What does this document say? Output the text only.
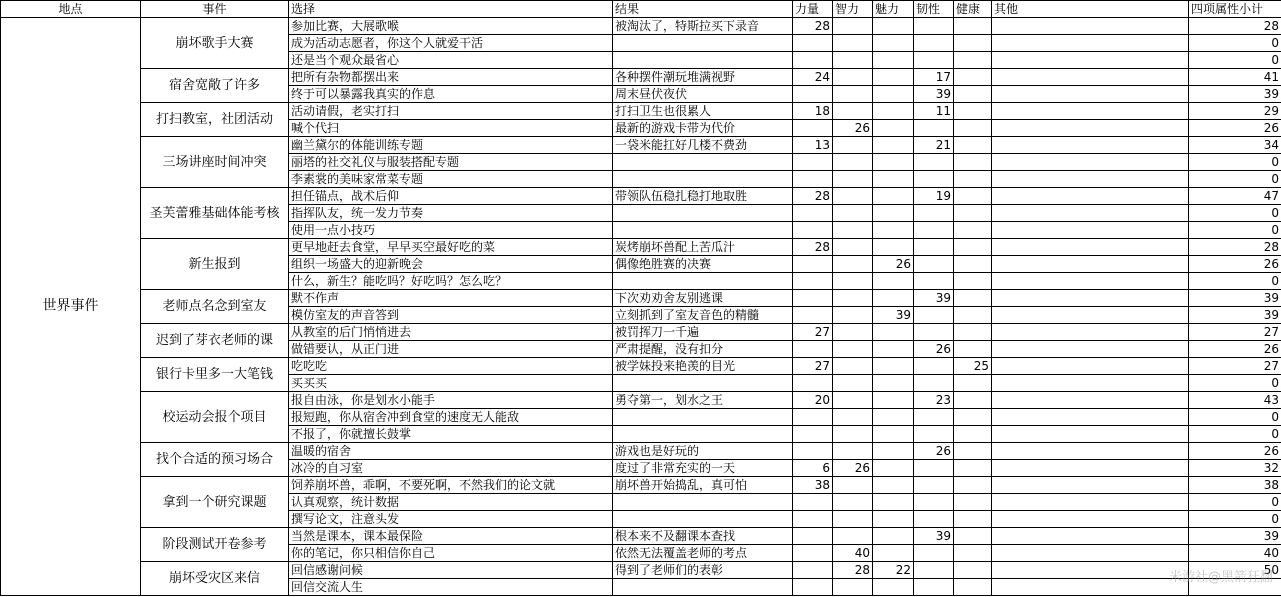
地点	事件	选择	结果	力量	智力	魅力	韧性	健康	其他	四项属性小计
世界事件	崩坏歌手大赛	参加比赛，大展歌喉	被淘汰了，特斯拉买下录音	28						28
		成为活动志愿者，你这个人就爱干活								0
		还是当个观众最省心								0
	宿舍宽敞了许多	把所有杂物都摆出来	各种摆件潮玩堆满视野	24			17			41
		终于可以暴露我真实的作息	周末昼伏夜伏				39			39
	打扫教室，社团活动	活动请假，老实打扫	打扫卫生也很累人	18			11			29
		喊个代扫	最新的游戏卡带为代价		26					26
	三场讲座时间冲突	幽兰黛尔的体能训练专题	一袋米能扛好几楼不费劲	13			21			34
		丽塔的社交礼仪与服装搭配专题								0
		李素裳的美味家常菜专题								0
	圣芙蕾雅基础体能考核	担任锚点，战术后仰	带领队伍稳扎稳打地取胜	28			19			47
		指挥队友，统一发力节奏								0
		使用一点小技巧								0
	新生报到	更早地赶去食堂，早早买空最好吃的菜	炭烤崩坏兽配上苦瓜汁	28						28
		组织一场盛大的迎新晚会	偶像绝胜赛的决赛			26				26
		什么，新生？能吃吗？好吃吗？怎么吃？								0
	老师点名念到室友	默不作声	下次劝劝舍友别逃课				39			39
		模仿室友的声音答到	立刻抓到了室友音色的精髓			39				39
	迟到了芽衣老师的课	从教室的后门悄悄进去	被罚挥刀一千遍	27						27
		做错要认，从正门进	严肃提醒，没有扣分				26			26
	银行卡里多一大笔钱	吃吃吃	被学妹投来艳羡的目光	27				25		27
		买买买								0
	校运动会报个项目	报自由泳，你是划水小能手	勇夺第一，划水之王	20			23			43
		报短跑，你从宿舍冲到食堂的速度无人能敌								0
		不报了，你就擅长鼓掌								0
	找个合适的预习场合	温暖的宿舍	游戏也是好玩的				26			26
		冰冷的自习室	度过了非常充实的一天	6	26					32
	拿到一个研究课题	饲养崩坏兽，乖啊，不要死啊，不然我们的论文就	崩坏兽开始捣乱，真可怕	38						38
		认真观察，统计数据								0
		撰写论文，注意头发								0
	阶段测试开卷参考	当然是课本，课本最保险	根本来不及翻课本查找				39			39
		你的笔记，你只相信你自己	依然无法覆盖老师的考点		40					40
	崩坏受灾区来信	回信感谢问候	得到了老师们的表彰		28	22				50
		回信交流人生								
米游社@黑箭狂翻
